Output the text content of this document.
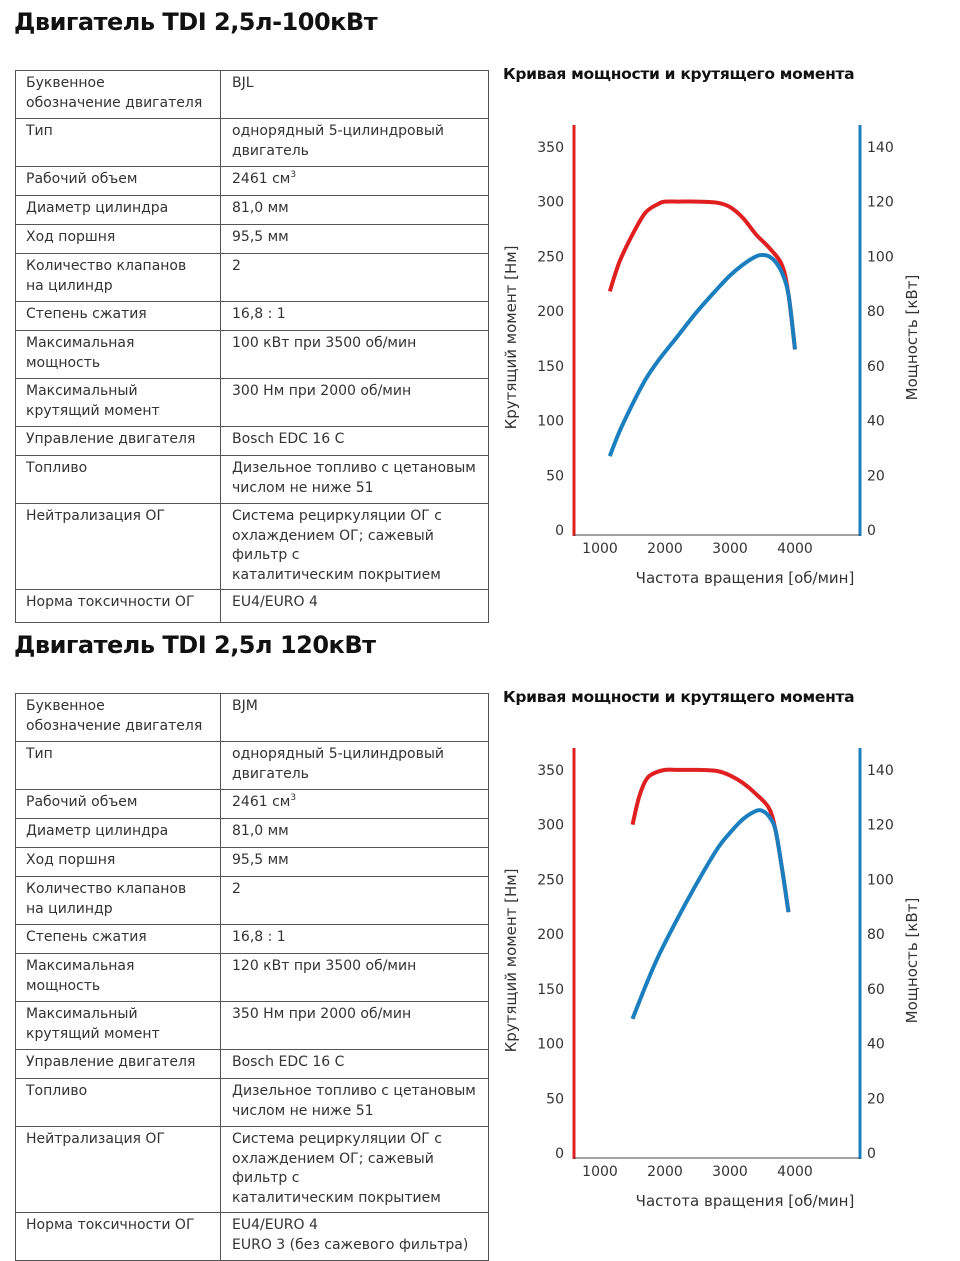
Двигатель TDI 2,5л-100кВт
Буквенное
обозначение двигателя	BJL
Тип	однорядный 5-цилиндровый
двигатель
Рабочий объем	2461 $см^3$
Диаметр цилиндра	81,0 мм
Ход поршня	95,5 мм
Количество клапанов
на цилиндр	2
Степень сжатия	16,8 : 1
Максимальная
мощность	100 кВт при 3500 об/мин
Максимальный
крутящий момент	300 Нм при 2000 об/мин
Управление двигателя	Bosch EDC 16 C
Топливо	Дизельное топливо с цетановым
числом не ниже 51
Нейтрализация ОГ	Система рециркуляции ОГ с
охлаждением ОГ; сажевый фильтр с
каталитическим покрытием
Норма токсичности ОГ	EU4/EURO 4
Кривая мощности и крутящего момента
0
50
100
150
200
250
300
350
0
20
40
60
80
100
120
140
1000 2000 3000 4000
Частота вращения [об/мин]
Крутящий момент [Нм]	Мощность [кВт]
Двигатель TDI 2,5л 120кВт
Буквенное
обозначение двигателя	BJM
Тип	однорядный 5-цилиндровый
двигатель
Рабочий объем	2461 $см^3$
Диаметр цилиндра	81,0 мм
Ход поршня	95,5 мм
Количество клапанов
на цилиндр	2
Степень сжатия	16,8 : 1
Максимальная
мощность	120 кВт при 3500 об/мин
Максимальный
крутящий момент	350 Нм при 2000 об/мин
Управление двигателя	Bosch EDC 16 C
Топливо	Дизельное топливо с цетановым
числом не ниже 51
Нейтрализация ОГ	Система рециркуляции ОГ с
охлаждением ОГ; сажевый фильтр с
каталитическим покрытием
Норма токсичности ОГ	EU4/EURO 4
EURO 3 (без сажевого фильтра)
Кривая мощности и крутящего момента
0
50
100
150
200
250
300
350
0
20
40
60
80
100
120
140
1000 2000 3000 4000
Частота вращения [об/мин]
Крутящий момент [Нм]	Мощность [кВт]
